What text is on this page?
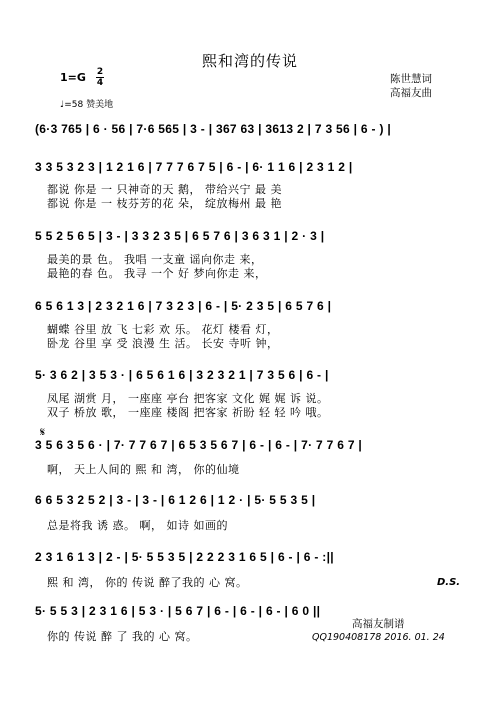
熙和湾的传说
1=G 2
4	陈世慧词
高福友曲
♩=58 赞美地
(6·3 765 | 6 · 56 | 7·6 565 | 3 - | 367 63 | 3613 2 | 7 3 56 | 6 - ) |
3 3 5 3 2 3 | 1 2 1 6 | 7 7 7 6 7 5 | 6 - | 6· 1 1 6 | 2 3 1 2 |
都说 你是 一 只神奇的天 鹅， 带给兴宁 最 美
都说 你是 一 枝芬芳的花 朵， 绽放梅州 最 艳
5 5 2 5 6 5 | 3 - | 3 3 2 3 5 | 6 5 7 6 | 3 6 3 1 | 2 · 3 |
最美的景 色。 我唱 一支童 谣向你走 来，
最艳的春 色。 我寻 一个 好 梦向你走 来，
6 5 6 1 3 | 2 3 2 1 6 | 7 3 2 3 | 6 - | 5· 2 3 5 | 6 5 7 6 |
蝴蝶 谷里 放 飞 七彩 欢 乐。 花灯 楼看 灯，
卧龙 谷里 享 受 浪漫 生 活。 长安 寺听 钟，
5· 3 6 2 | 3 5 3 · | 6 5 6 1 6 | 3 2 3 2 1 | 7 3 5 6 | 6 - |
凤尾 湖赏 月， 一座座 亭台 把客家 文化 娓 娓 诉 说。
双子 桥放 歌， 一座座 楼阁 把客家 祈盼 轻 轻 吟 哦。
𝄋
3 5 6 3 5 6 · | 7· 7 7 6 7 | 6 5 3 5 6 7 | 6 - | 6 - | 7· 7 7 6 7 |
啊， 天上人间的 熙 和 湾， 你的仙境
6 6 5 3 2 5 2 | 3 - | 3 - | 6 1 2 6 | 1 2 · | 5· 5 5 3 5 |
总是将我 诱 惑。 啊， 如诗 如画的
2 3 1 6 1 3 | 2 - | 5· 5 5 3 5 | 2 2 2 3 1 6 5 | 6 - | 6 - :||
熙 和 湾， 你的 传说 醉了我的 心 窝。	D.S.
5· 5 5 3 | 2 3 1 6 | 5 3 · | 5 6 7 | 6 - | 6 - | 6 - | 6 0 ||
你的 传说 醉 了 我的 心 窝。
高福友制谱
QQ190408178 2016. 01. 24
